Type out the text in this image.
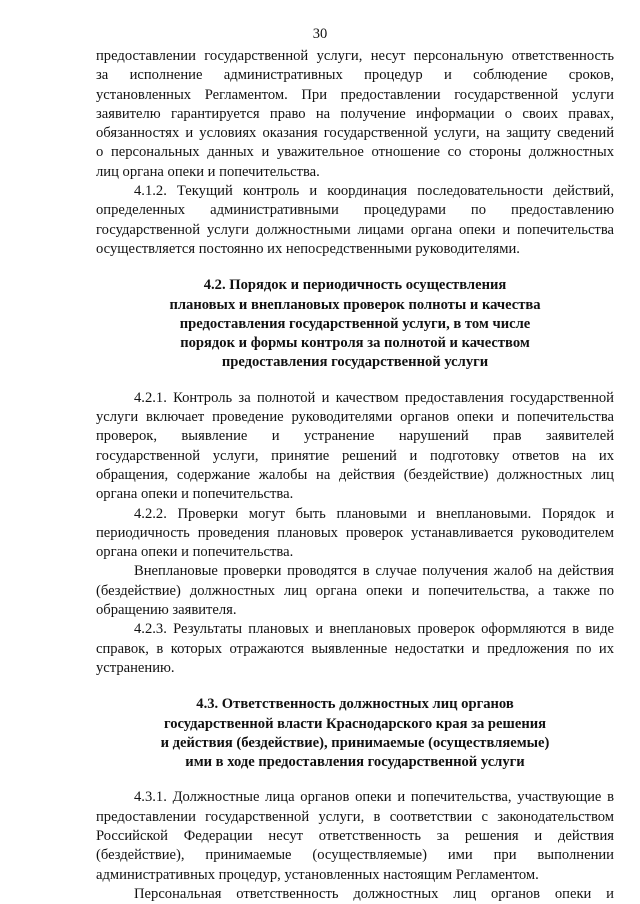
30
предоставлении государственной услуги, несут персональную ответственность
за исполнение административных процедур и соблюдение сроков,
установленных Регламентом. При предоставлении государственной услуги
заявителю гарантируется право на получение информации о своих правах,
обязанностях и условиях оказания государственной услуги, на защиту сведений
о персональных данных и уважительное отношение со стороны должностных
лиц органа опеки и попечительства.
4.1.2. Текущий контроль и координация последовательности действий,
определенных административными процедурами по предоставлению
государственной услуги должностными лицами органа опеки и попечительства
осуществляется постоянно их непосредственными руководителями.
4.2. Порядок и периодичность осуществления
плановых и внеплановых проверок полноты и качества
предоставления государственной услуги, в том числе
порядок и формы контроля за полнотой и качеством
предоставления государственной услуги
4.2.1. Контроль за полнотой и качеством предоставления государственной
услуги включает проведение руководителями органов опеки и попечительства
проверок, выявление и устранение нарушений прав заявителей
государственной услуги, принятие решений и подготовку ответов на их
обращения, содержание жалобы на действия (бездействие) должностных лиц
органа опеки и попечительства.
4.2.2. Проверки могут быть плановыми и внеплановыми. Порядок и
периодичность проведения плановых проверок устанавливается руководителем
органа опеки и попечительства.
Внеплановые проверки проводятся в случае получения жалоб на действия
(бездействие) должностных лиц органа опеки и попечительства, а также по
обращению заявителя.
4.2.3. Результаты плановых и внеплановых проверок оформляются в виде
справок, в которых отражаются выявленные недостатки и предложения по их
устранению.
4.3. Ответственность должностных лиц органов
государственной власти Краснодарского края за решения
и действия (бездействие), принимаемые (осуществляемые)
ими в ходе предоставления государственной услуги
4.3.1. Должностные лица органов опеки и попечительства, участвующие в
предоставлении государственной услуги, в соответствии с законодательством
Российской Федерации несут ответственность за решения и действия
(бездействие), принимаемые (осуществляемые) ими при выполнении
административных процедур, установленных настоящим Регламентом.
Персональная ответственность должностных лиц органов опеки и
